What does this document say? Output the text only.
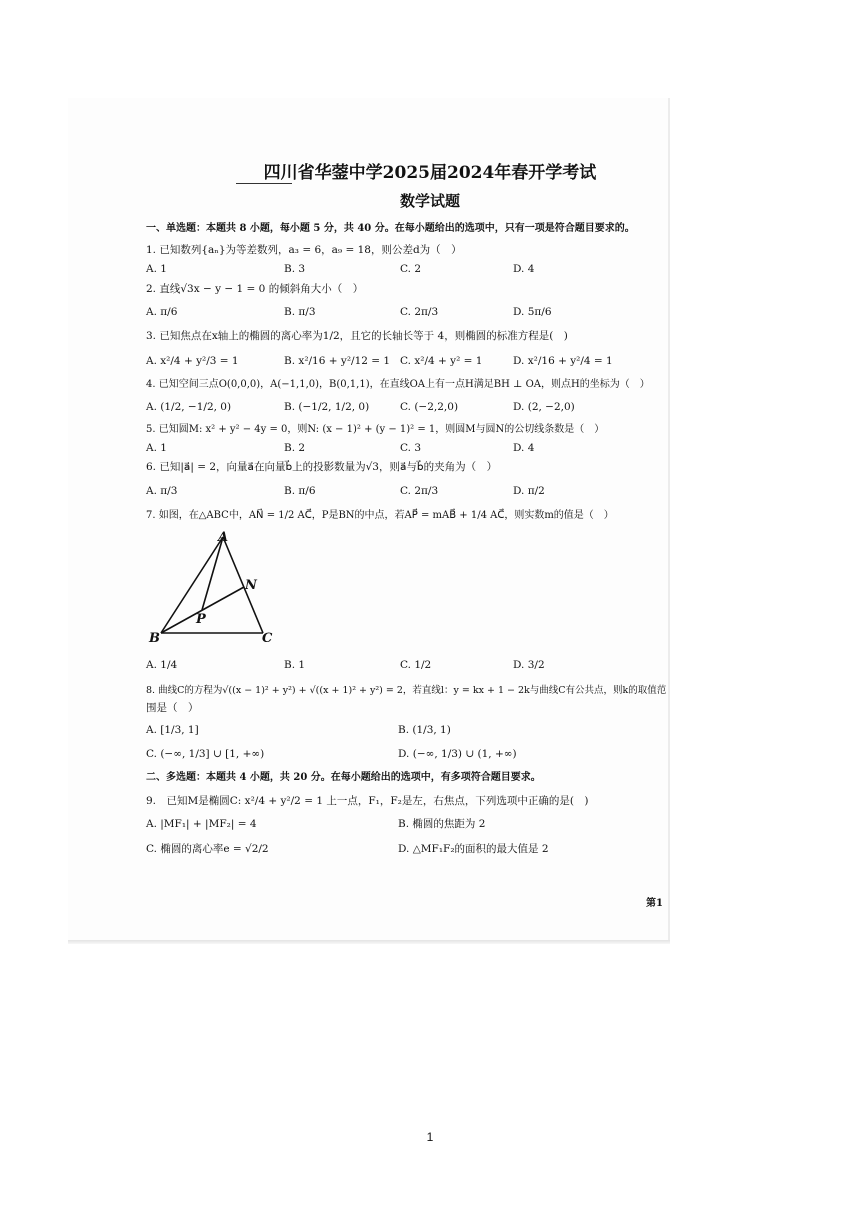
四川省华蓥中学2025届2024年春开学考试
数学试题
一、单选题：本题共 8 小题，每小题 5 分，共 40 分。在每小题给出的选项中，只有一项是符合题目要求的。
1. 已知数列{aₙ}为等差数列，a₃ = 6，a₉ = 18，则公差d为（　）
A. 1	B. 3	C. 2	D. 4
2. 直线√3x − y − 1 = 0 的倾斜角大小（　）
A. π/6	B. π/3	C. 2π/3	D. 5π/6
3. 已知焦点在x轴上的椭圆的离心率为1/2，且它的长轴长等于 4，则椭圆的标准方程是(　)
A. x²/4 + y²/3 = 1	B. x²/16 + y²/12 = 1 C. x²/4 + y² = 1	D. x²/16 + y²/4 = 1
4. 已知空间三点O(0,0,0)，A(−1,1,0)，B(0,1,1)，在直线OA上有一点H满足BH ⊥ OA，则点H的坐标为（　）
A. (1/2, −1/2, 0)	B. (−1/2, 1/2, 0)	C. (−2,2,0)	D. (2, −2,0)
5. 已知圆M: x² + y² − 4y = 0，则N: (x − 1)² + (y − 1)² = 1，则圆M与圆N的公切线条数是（　）
A. 1	B. 2	C. 3	D. 4
6. 已知|a⃗| = 2，向量a⃗在向量b⃗上的投影数量为√3，则a⃗与b⃗的夹角为（　）
A. π/3	B. π/6	C. 2π/3	D. π/2
7. 如图，在△ABC中，AN⃗ = 1/2 AC⃗，P是BN的中点，若AP⃗ = mAB⃗ + 1/4 AC⃗，则实数m的值是（　）
A
N
P
B	C
A. 1/4	B. 1	C. 1/2	D. 3/2
8. 曲线C的方程为√((x − 1)² + y²) + √((x + 1)² + y²) = 2，若直线l：y = kx + 1 − 2k与曲线C有公共点，则k的取值范
围是（　）
A. [1/3, 1]	B. (1/3, 1)
C. (−∞, 1/3] ∪ [1, +∞)	D. (−∞, 1/3) ∪ (1, +∞)
二、多选题：本题共 4 小题，共 20 分。在每小题给出的选项中，有多项符合题目要求。
9.　已知M是椭圆C: x²/4 + y²/2 = 1 上一点，F₁，F₂是左，右焦点，下列选项中正确的是(　)
A. |MF₁| + |MF₂| = 4	B. 椭圆的焦距为 2
C. 椭圆的离心率e = √2/2	D. △MF₁F₂的面积的最大值是 2
第1
1
